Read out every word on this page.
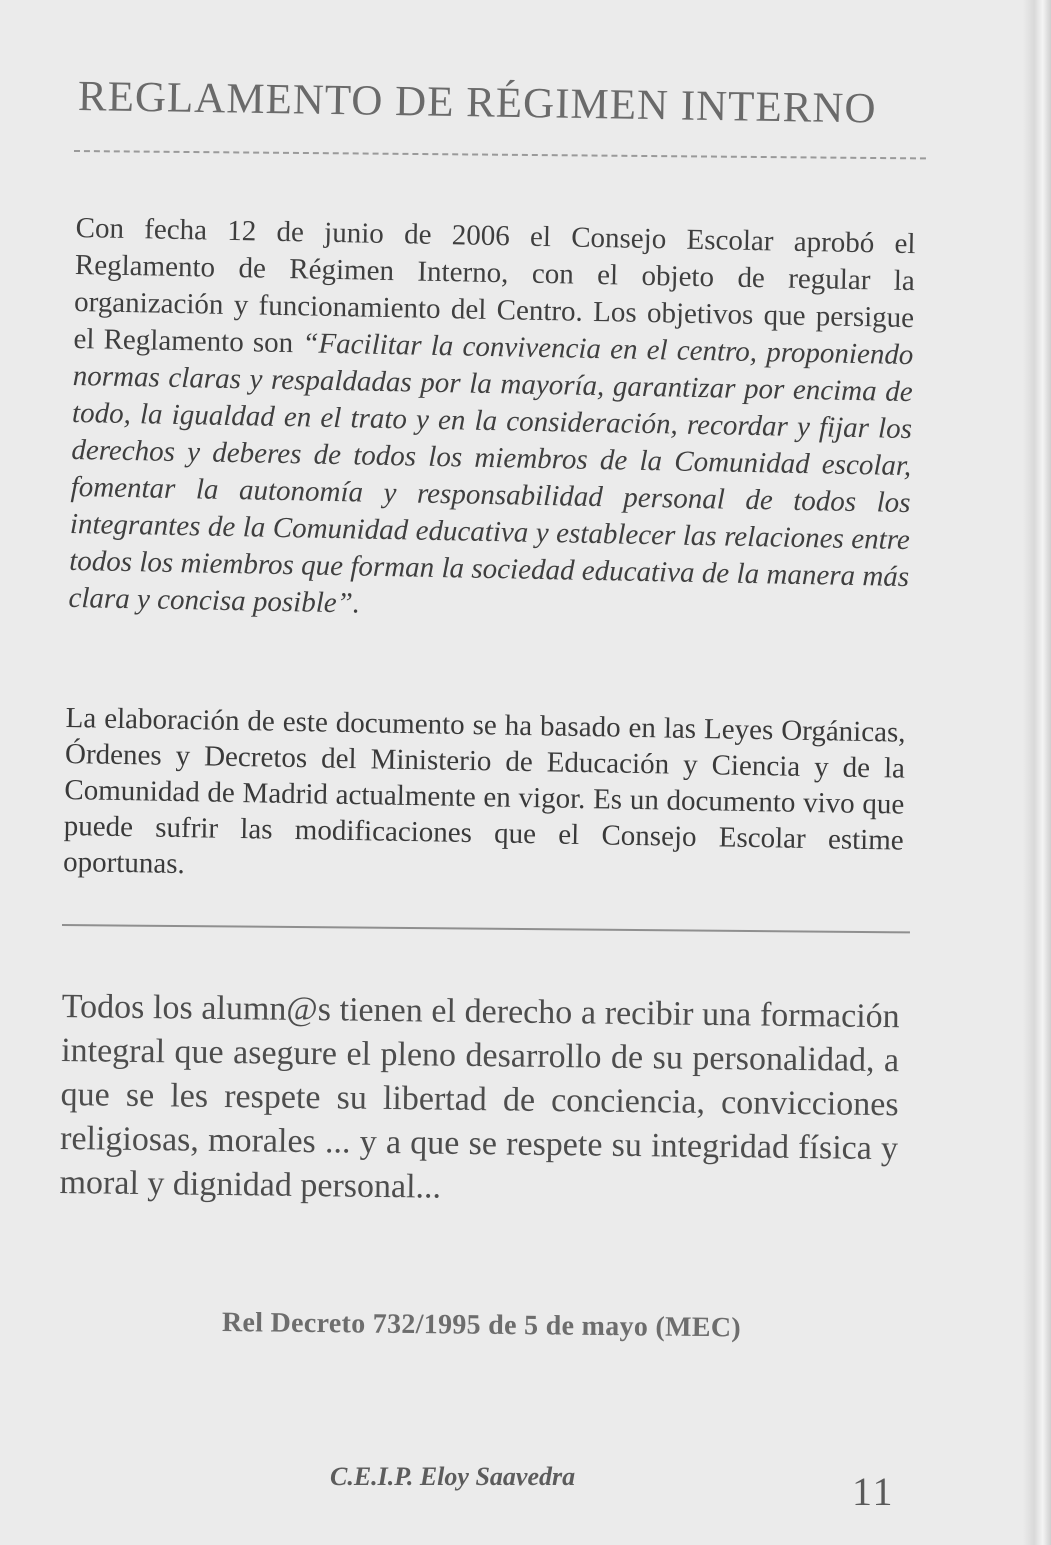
REGLAMENTO DE RÉGIMEN INTERNO

Con fecha 12 de junio de 2006 el Consejo Escolar aprobó el Reglamento de Régimen Interno, con el objeto de regular la organización y funcionamiento del Centro. Los objetivos que persigue el Reglamento son “Facilitar la convivencia en el centro, proponiendo normas claras y respaldadas por la mayoría, garantizar por encima de todo, la igualdad en el trato y en la consideración, recordar y fijar los derechos y deberes de todos los miembros de la Comunidad escolar, fomentar la autonomía y responsabilidad personal de todos los integrantes de la Comunidad educativa y establecer las relaciones entre todos los miembros que forman la sociedad educativa de la manera más clara y concisa posible”.

La elaboración de este documento se ha basado en las Leyes Orgánicas, Órdenes y Decretos del Ministerio de Educación y Ciencia y de la Comunidad de Madrid actualmente en vigor. Es un documento vivo que puede sufrir las modificaciones que el Consejo Escolar estime oportunas.

Todos los alumn@s tienen el derecho a recibir una formación integral que asegure el pleno desarrollo de su personalidad, a que se les respete su libertad de conciencia, convicciones religiosas, morales ... y a que se respete su integridad física y moral y dignidad personal...

Rel Decreto 732/1995 de 5 de mayo (MEC)

C.E.I.P. Eloy Saavedra	11
